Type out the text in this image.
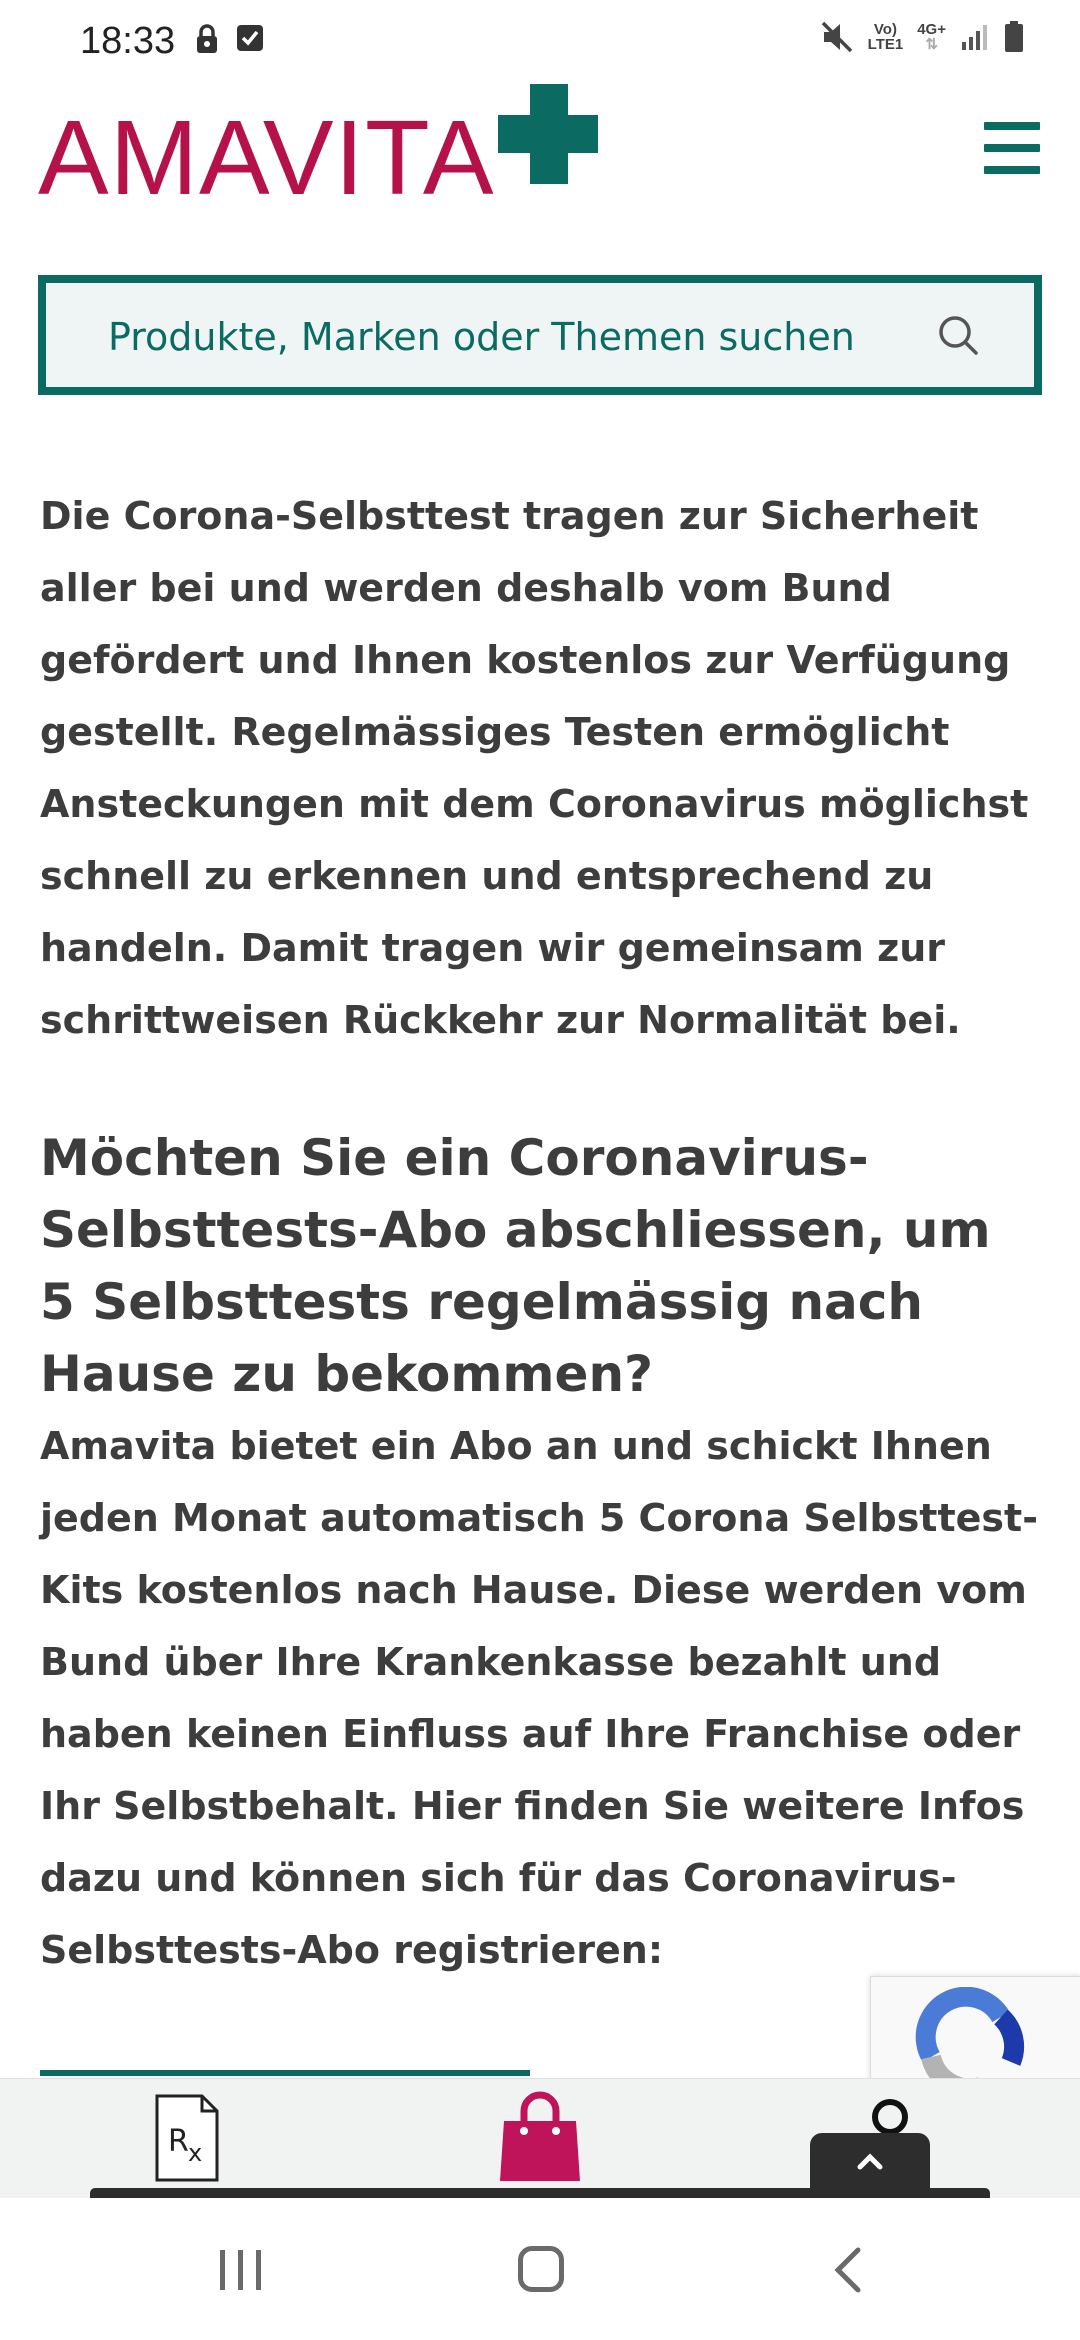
18:33	Vo)
LTE1
4G+
⇅
AMAVITA
Produkte, Marken oder Themen suchen

Die Corona-Selbsttest tragen zur Sicherheit aller bei und werden deshalb vom Bund gefördert und Ihnen kostenlos zur Verfügung gestellt. Regelmässiges Testen ermöglicht Ansteckungen mit dem Coronavirus möglichst schnell zu erkennen und entsprechend zu handeln. Damit tragen wir gemeinsam zur schrittweisen Rückkehr zur Normalität bei.

Möchten Sie ein Coronavirus-Selbsttests-Abo abschliessen, um 5 Selbsttests regelmässig nach Hause zu bekommen?

Amavita bietet ein Abo an und schickt Ihnen jeden Monat automatisch 5 Corona Selbsttest-Kits kostenlos nach Hause. Diese werden vom Bund über Ihre Krankenkasse bezahlt und haben keinen Einfluss auf Ihre Franchise oder Ihr Selbstbehalt. Hier finden Sie weitere Infos dazu und können sich für das Coronavirus-Selbsttests-Abo registrieren:

R x
